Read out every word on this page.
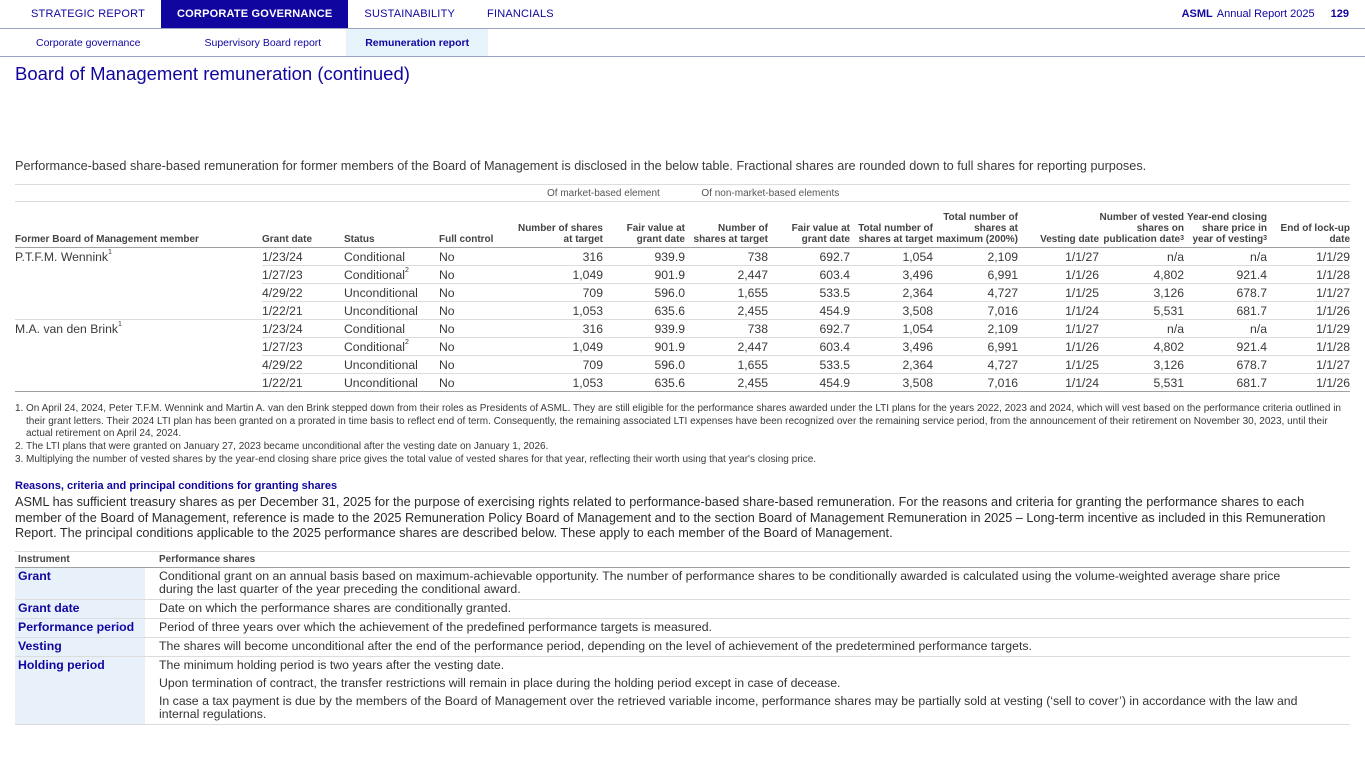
STRATEGIC REPORT	CORPORATE GOVERNANCE	SUSTAINABILITY	FINANCIALS	ASML Annual Report 2025 129
Corporate governance	Supervisory Board report	Remuneration report
Board of Management remuneration (continued)
Performance-based share-based remuneration for former members of the Board of Management is disclosed in the below table. Fractional shares are rounded down to full shares for reporting purposes.
				Of market-based element Of non-market-based elements									
Former Board of Management member	Grant date	Status	Full control	Number of shares at target	Fair value at grant date	Number of shares at target	Fair value at grant date	Total number of shares at target	Total number of shares at maximum (200%)	Vesting date	Number of vested shares on publication date$^3$	Year-end closing share price in year of vesting$^3$	End of lock-up date
P.T.F.M. Wennink$^1$	1/23/24	Conditional	No	316	939.9	738	692.7	1,054	2,109	1/1/27	n/a	n/a	1/1/29
	1/27/23	Conditional$^2$	No	1,049	901.9	2,447	603.4	3,496	6,991	1/1/26	4,802	921.4	1/1/28
	4/29/22	Unconditional	No	709	596.0	1,655	533.5	2,364	4,727	1/1/25	3,126	678.7	1/1/27
	1/22/21	Unconditional	No	1,053	635.6	2,455	454.9	3,508	7,016	1/1/24	5,531	681.7	1/1/26
M.A. van den Brink$^1$	1/23/24	Conditional	No	316	939.9	738	692.7	1,054	2,109	1/1/27	n/a	n/a	1/1/29
	1/27/23	Conditional$^2$	No	1,049	901.9	2,447	603.4	3,496	6,991	1/1/26	4,802	921.4	1/1/28
	4/29/22	Unconditional	No	709	596.0	1,655	533.5	2,364	4,727	1/1/25	3,126	678.7	1/1/27
	1/22/21	Unconditional	No	1,053	635.6	2,455	454.9	3,508	7,016	1/1/24	5,531	681.7	1/1/26
1. On April 24, 2024, Peter T.F.M. Wennink and Martin A. van den Brink stepped down from their roles as Presidents of ASML. They are still eligible for the performance shares awarded under the LTI plans for the years 2022, 2023 and 2024, which will vest based on the performance criteria outlined in their grant letters. Their 2024 LTI plan has been granted on a prorated in time basis to reflect end of term. Consequently, the remaining associated LTI expenses have been recognized over the remaining service period, from the announcement of their retirement on November 30, 2023, until their actual retirement on April 24, 2024.
2. The LTI plans that were granted on January 27, 2023 became unconditional after the vesting date on January 1, 2026.
3. Multiplying the number of vested shares by the year-end closing share price gives the total value of vested shares for that year, reflecting their worth using that year's closing price.
Reasons, criteria and principal conditions for granting shares
ASML has sufficient treasury shares as per December 31, 2025 for the purpose of exercising rights related to performance-based share-based remuneration. For the reasons and criteria for granting the performance shares to each member of the Board of Management, reference is made to the 2025 Remuneration Policy Board of Management and to the section Board of Management Remuneration in 2025 – Long-term incentive as included in this Remuneration Report. The principal conditions applicable to the 2025 performance shares are described below. These apply to each member of the Board of Management.
Instrument	Performance shares
Grant	Conditional grant on an annual basis based on maximum-achievable opportunity. The number of performance shares to be conditionally awarded is calculated using the volume-weighted average share price during the last quarter of the year preceding the conditional award.
Grant date	Date on which the performance shares are conditionally granted.
Performance period	Period of three years over which the achievement of the predefined performance targets is measured.
Vesting	The shares will become unconditional after the end of the performance period, depending on the level of achievement of the predetermined performance targets.
Holding period	The minimum holding period is two years after the vesting date.
Upon termination of contract, the transfer restrictions will remain in place during the holding period except in case of decease.
In case a tax payment is due by the members of the Board of Management over the retrieved variable income, performance shares may be partially sold at vesting (‘sell to cover’) in accordance with the law and internal regulations.
